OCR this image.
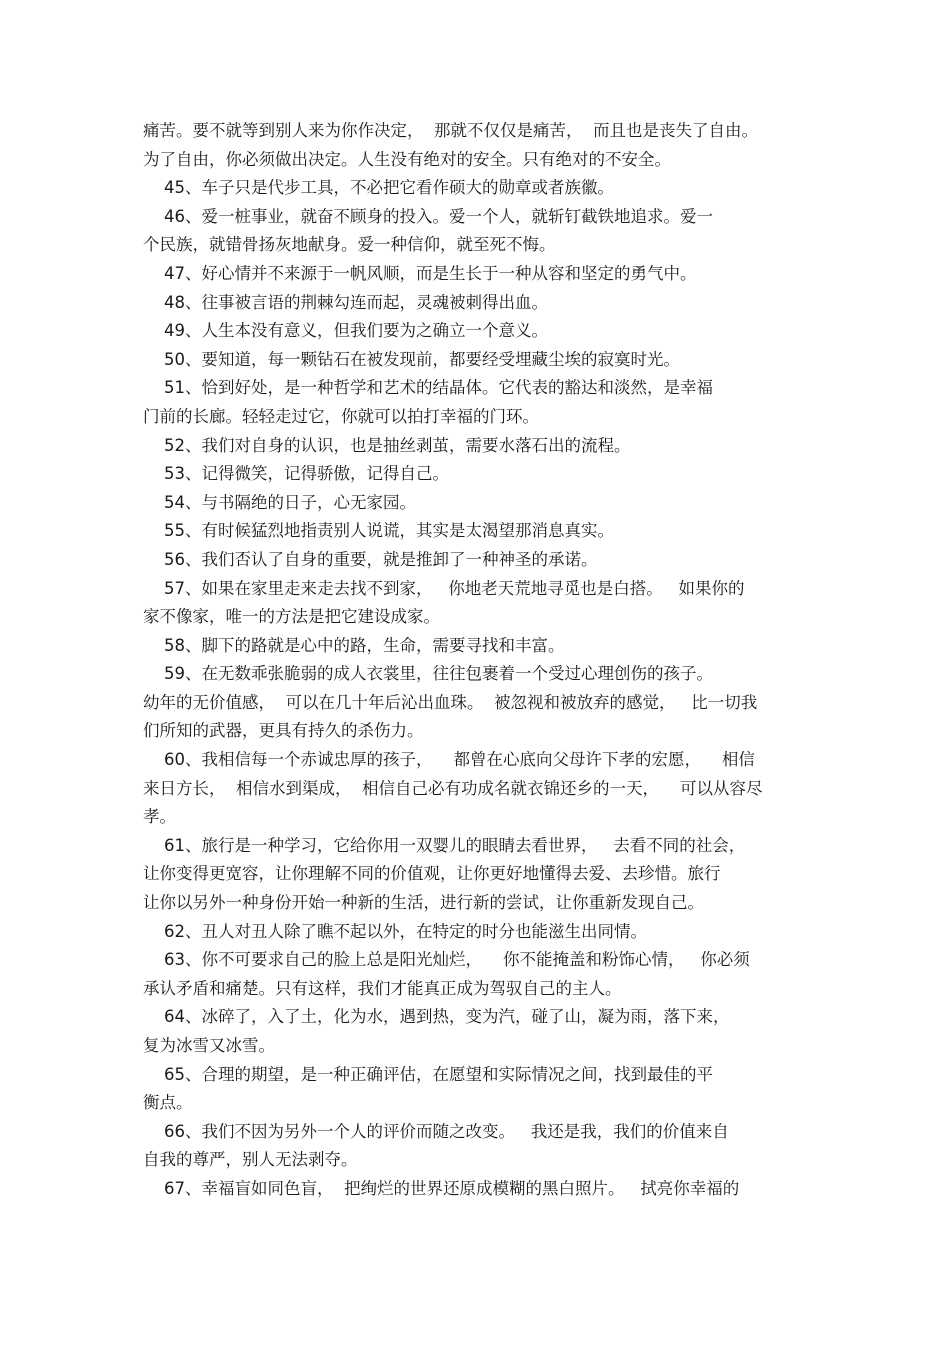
痛苦。要不就等到别人来为你作决定，  那就不仅仅是痛苦，  而且也是丧失了自由。
为了自由，你必须做出决定。人生没有绝对的安全。只有绝对的不安全。
45、车子只是代步工具，不必把它看作硕大的勋章或者族徽。
46、爱一桩事业，就奋不顾身的投入。爱一个人，就斩钉截铁地追求。爱一
个民族，就错骨扬灰地献身。爱一种信仰，就至死不悔。
47、好心情并不来源于一帆风顺，而是生长于一种从容和坚定的勇气中。
48、往事被言语的荆棘勾连而起，灵魂被刺得出血。
49、人生本没有意义，但我们要为之确立一个意义。
50、要知道，每一颗钻石在被发现前，都要经受埋藏尘埃的寂寞时光。
51、恰到好处，是一种哲学和艺术的结晶体。它代表的豁达和淡然，是幸福
门前的长廊。轻轻走过它，你就可以拍打幸福的门环。
52、我们对自身的认识，也是抽丝剥茧，需要水落石出的流程。
53、记得微笑，记得骄傲，记得自己。
54、与书隔绝的日子，心无家园。
55、有时候猛烈地指责别人说谎，其实是太渴望那消息真实。
56、我们否认了自身的重要，就是推卸了一种神圣的承诺。
57、如果在家里走来走去找不到家，   你地老天荒地寻觅也是白搭。   如果你的
家不像家，唯一的方法是把它建设成家。
58、脚下的路就是心中的路，生命，需要寻找和丰富。
59、在无数乖张脆弱的成人衣裳里，往往包裹着一个受过心理创伤的孩子。
幼年的无价值感，  可以在几十年后沁出血珠。  被忽视和被放弃的感觉，   比一切我
们所知的武器，更具有持久的杀伤力。
60、我相信每一个赤诚忠厚的孩子，    都曾在心底向父母许下孝的宏愿，    相信
来日方长，  相信水到渠成，  相信自己必有功成名就衣锦还乡的一天，    可以从容尽
孝。
61、旅行是一种学习，它给你用一双婴儿的眼睛去看世界，   去看不同的社会，
让你变得更宽容，让你理解不同的价值观，让你更好地懂得去爱、去珍惜。旅行
让你以另外一种身份开始一种新的生活，进行新的尝试，让你重新发现自己。
62、丑人对丑人除了瞧不起以外，在特定的时分也能滋生出同情。
63、你不可要求自己的脸上总是阳光灿烂，    你不能掩盖和粉饰心情，   你必须
承认矛盾和痛楚。只有这样，我们才能真正成为驾驭自己的主人。
64、冰碎了，入了土，化为水，遇到热，变为汽，碰了山，凝为雨，落下来，
复为冰雪又冰雪。
65、合理的期望，是一种正确评估，在愿望和实际情况之间，找到最佳的平
衡点。
66、我们不因为另外一个人的评价而随之改变。   我还是我，我们的价值来自
自我的尊严，别人无法剥夺。
67、幸福盲如同色盲，  把绚烂的世界还原成模糊的黑白照片。   拭亮你幸福的
